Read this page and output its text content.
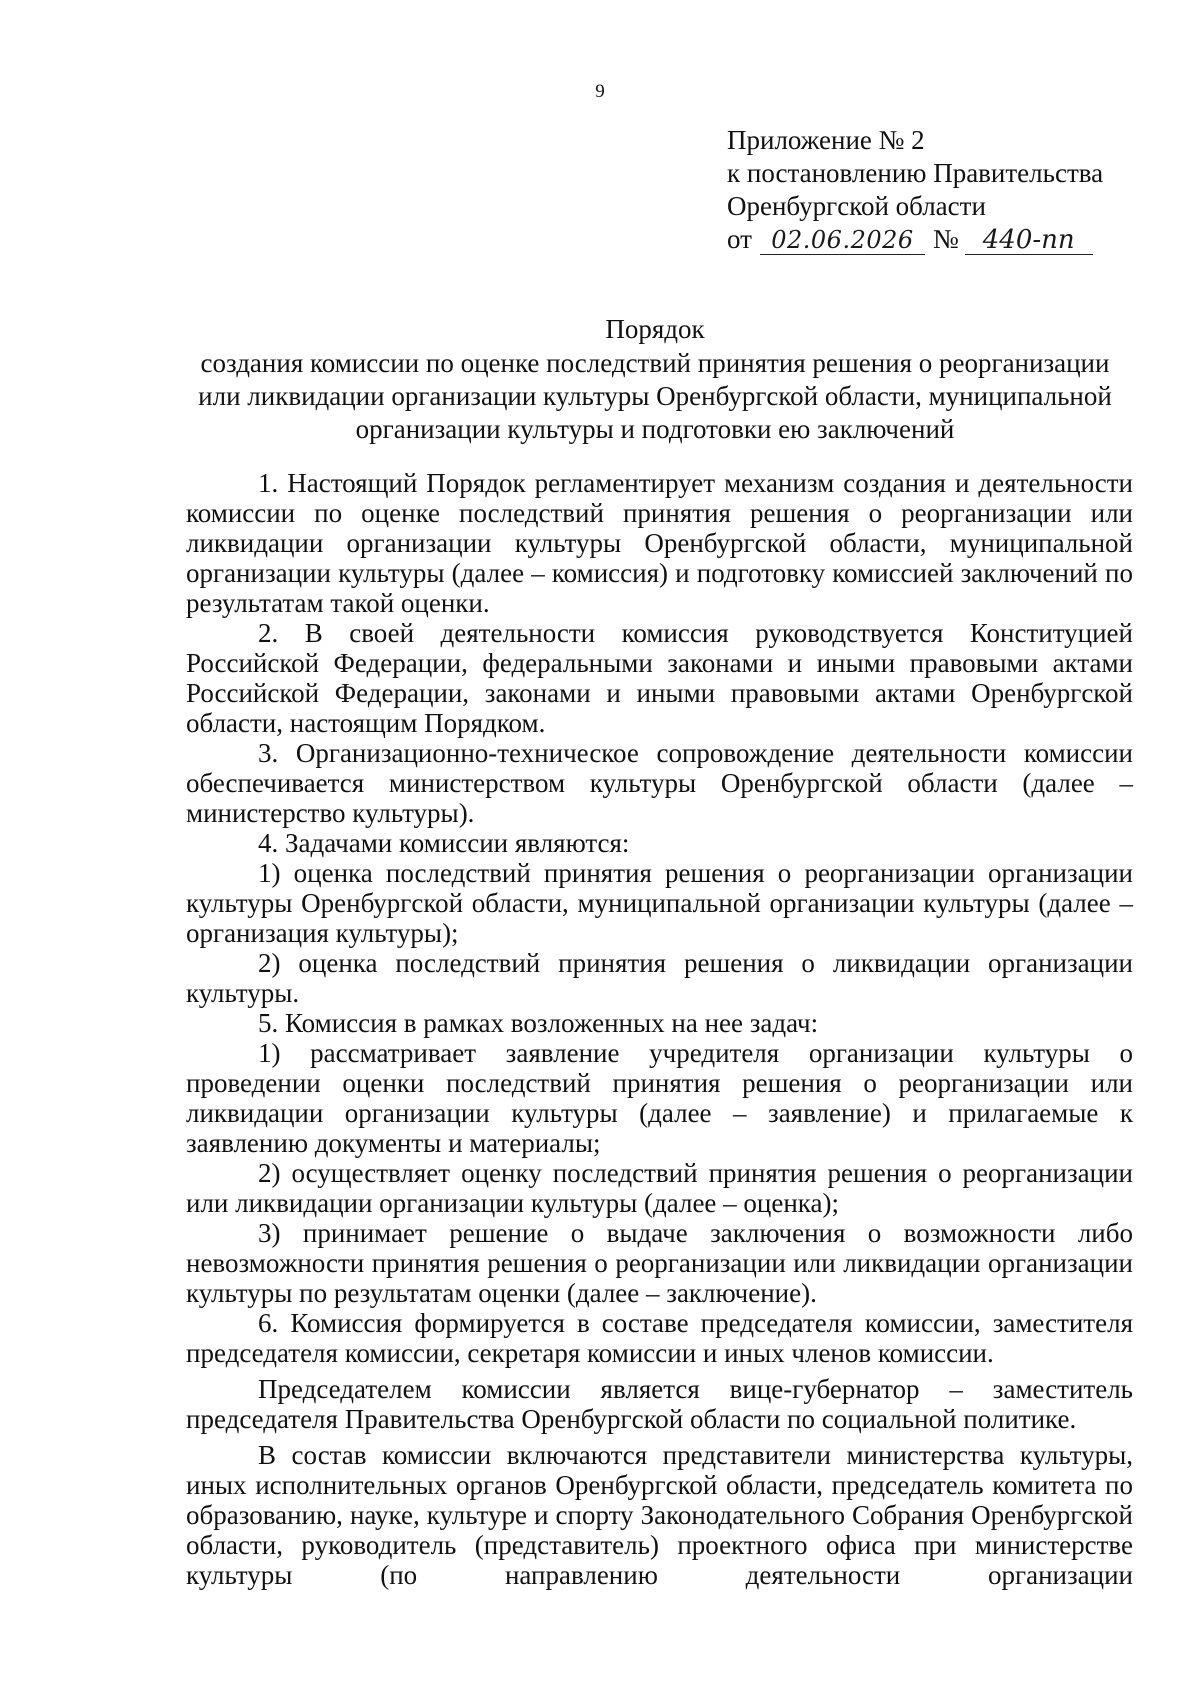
9
Приложение № 2
к постановлению Правительства
Оренбургской области
от 02.06.2026 № 440-пп
Порядок
создания комиссии по оценке последствий принятия решения о реорганизации или ликвидации организации культуры Оренбургской области, муниципальной организации культуры и подготовки ею заключений

1. Настоящий Порядок регламентирует механизм создания и деятельности комиссии по оценке последствий принятия решения о реорганизации или ликвидации организации культуры Оренбургской области, муниципальной организации культуры (далее – комиссия) и подготовку комиссией заключений по результатам такой оценки.

2. В своей деятельности комиссия руководствуется Конституцией Российской Федерации, федеральными законами и иными правовыми актами Российской Федерации, законами и иными правовыми актами Оренбургской области, настоящим Порядком.

3. Организационно-техническое сопровождение деятельности комиссии обеспечивается министерством культуры Оренбургской области (далее – министерство культуры).

4. Задачами комиссии являются:

1) оценка последствий принятия решения о реорганизации организации культуры Оренбургской области, муниципальной организации культуры (далее – организация культуры);

2) оценка последствий принятия решения о ликвидации организации культуры.

5. Комиссия в рамках возложенных на нее задач:

1) рассматривает заявление учредителя организации культуры о проведении оценки последствий принятия решения о реорганизации или ликвидации организации культуры (далее – заявление) и прилагаемые к заявлению документы и материалы;

2) осуществляет оценку последствий принятия решения о реорганизации или ликвидации организации культуры (далее – оценка);

3) принимает решение о выдаче заключения о возможности либо невозможности принятия решения о реорганизации или ликвидации организации культуры по результатам оценки (далее – заключение).

6. Комиссия формируется в составе председателя комиссии, заместителя председателя комиссии, секретаря комиссии и иных членов комиссии.

Председателем комиссии является вице-губернатор – заместитель председателя Правительства Оренбургской области по социальной политике.

В состав комиссии включаются представители министерства культуры, иных исполнительных органов Оренбургской области, председатель комитета по образованию, науке, культуре и спорту Законодательного Собрания Оренбургской области, руководитель (представитель) проектного офиса при министерстве культуры (по направлению деятельности организации
